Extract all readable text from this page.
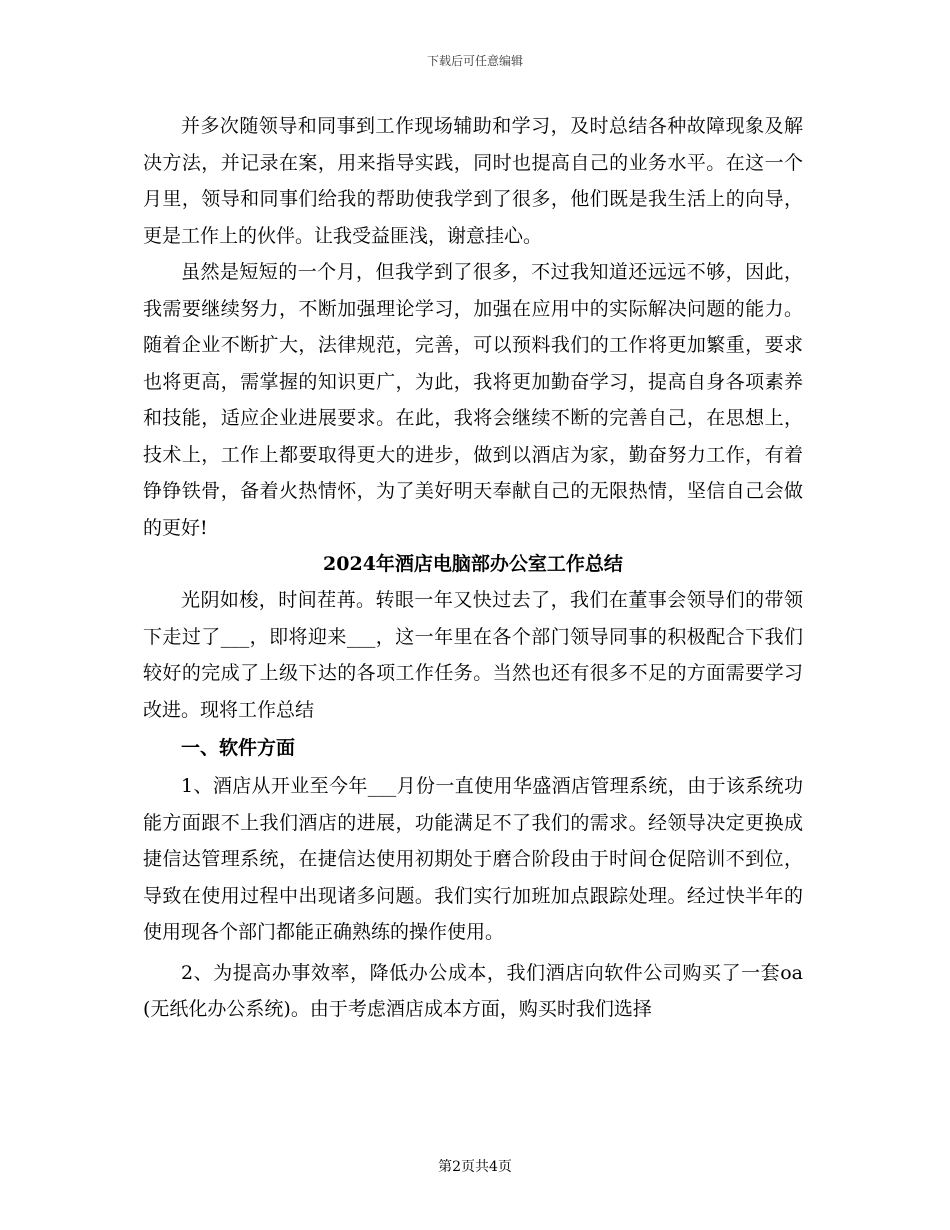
下载后可任意编辑

并多次随领导和同事到工作现场辅助和学习，及时总结各种故障现象及解决方法，并记录在案，用来指导实践，同时也提高自己的业务水平。在这一个月里，领导和同事们给我的帮助使我学到了很多，他们既是我生活上的向导，更是工作上的伙伴。让我受益匪浅，谢意挂心。

虽然是短短的一个月，但我学到了很多，不过我知道还远远不够，因此，我需要继续努力，不断加强理论学习，加强在应用中的实际解决问题的能力。随着企业不断扩大，法律规范，完善，可以预料我们的工作将更加繁重，要求也将更高，需掌握的知识更广，为此，我将更加勤奋学习，提高自身各项素养和技能，适应企业进展要求。在此，我将会继续不断的完善自己，在思想上，技术上，工作上都要取得更大的进步，做到以酒店为家，勤奋努力工作，有着铮铮铁骨，备着火热情怀，为了美好明天奉献自己的无限热情，坚信自己会做的更好!

2024年酒店电脑部办公室工作总结

光阴如梭，时间茬苒。转眼一年又快过去了，我们在董事会领导们的带领下走过了___，即将迎来___，这一年里在各个部门领导同事的积极配合下我们较好的完成了上级下达的各项工作任务。当然也还有很多不足的方面需要学习改进。现将工作总结

一、软件方面

1、酒店从开业至今年___月份一直使用华盛酒店管理系统，由于该系统功能方面跟不上我们酒店的进展，功能满足不了我们的需求。经领导决定更换成捷信达管理系统，在捷信达使用初期处于磨合阶段由于时间仓促陪训不到位，导致在使用过程中出现诸多问题。我们实行加班加点跟踪处理。经过快半年的使用现各个部门都能正确熟练的操作使用。

2、为提高办事效率，降低办公成本，我们酒店向软件公司购买了一套oa(无纸化办公系统)。由于考虑酒店成本方面，购买时我们选择

第2页共4页
